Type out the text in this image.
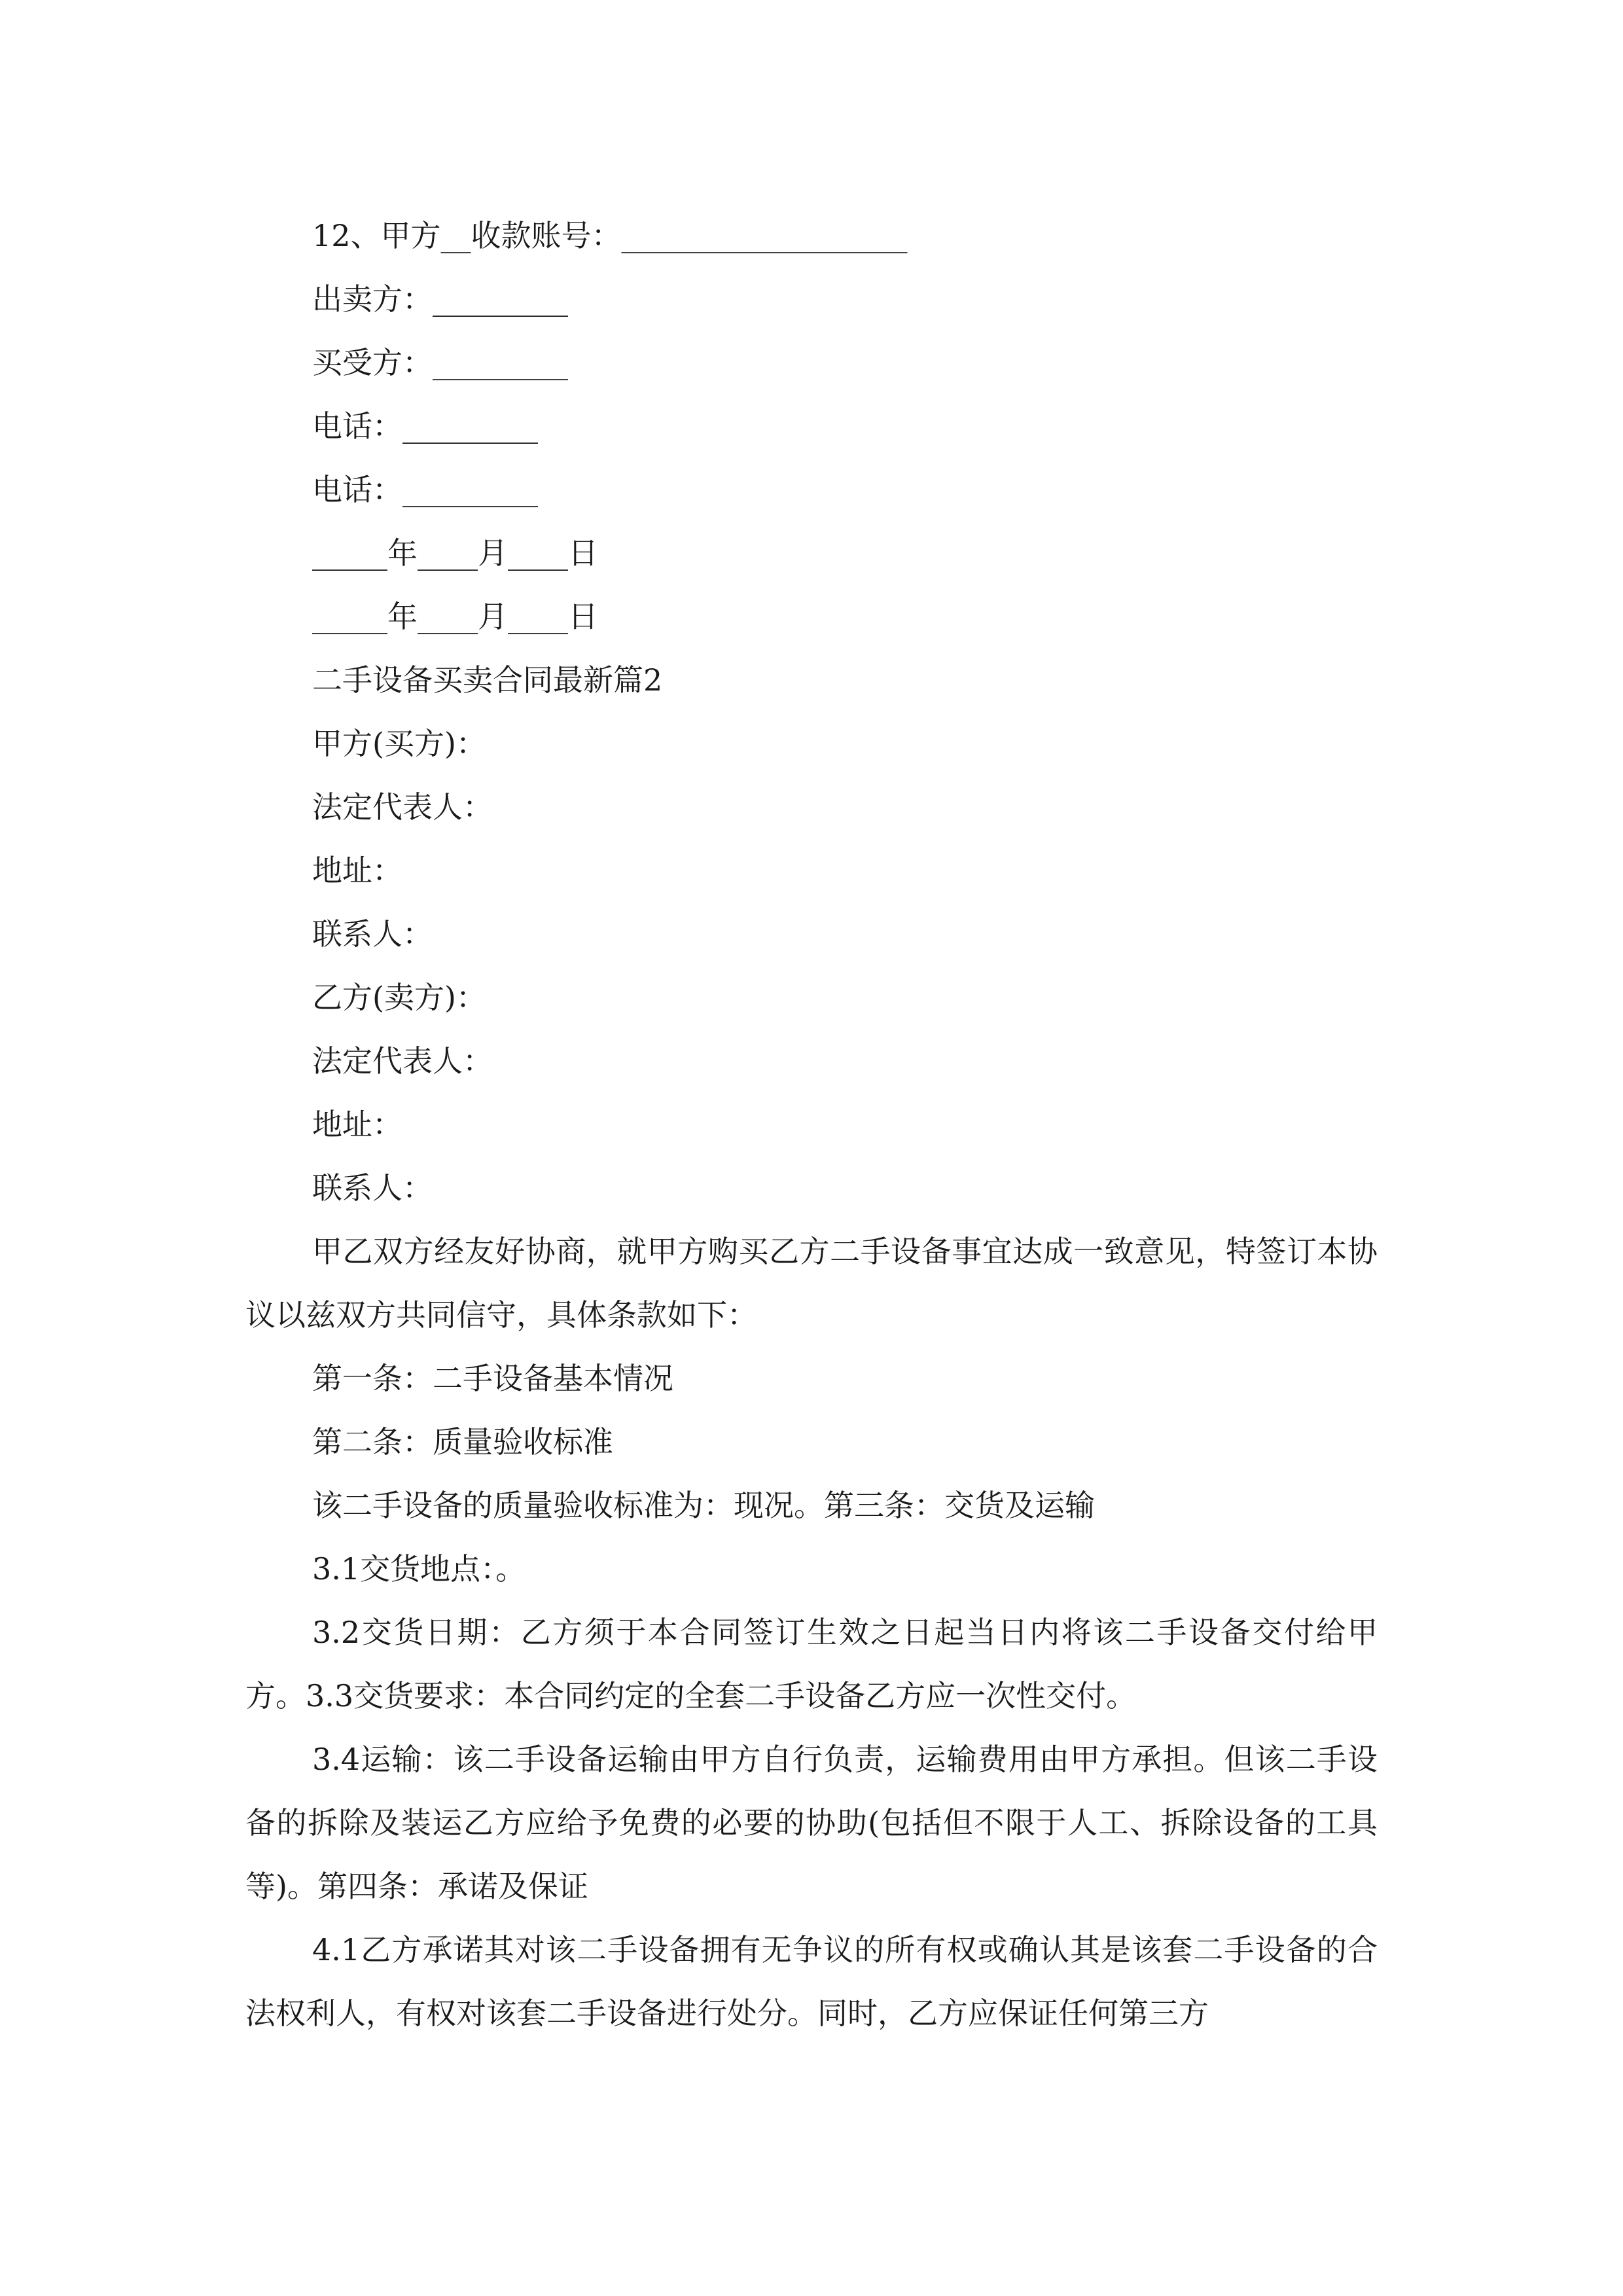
12、甲方__收款账号：___________________

出卖方：_________

买受方：_________

电话：_________

电话：_________

_____年____月____日

_____年____月____日

二手设备买卖合同最新篇2

甲方(买方)：

法定代表人：

地址：

联系人：

乙方(卖方)：

法定代表人：

地址：

联系人：

甲乙双方经友好协商，就甲方购买乙方二手设备事宜达成一致意见，特签订本协议以兹双方共同信守，具体条款如下：

第一条：二手设备基本情况

第二条：质量验收标准

该二手设备的质量验收标准为：现况。第三条：交货及运输

3.1交货地点：。

3.2交货日期：乙方须于本合同签订生效之日起当日内将该二手设备交付给甲方。3.3交货要求：本合同约定的全套二手设备乙方应一次性交付。

3.4运输：该二手设备运输由甲方自行负责，运输费用由甲方承担。但该二手设备的拆除及装运乙方应给予免费的必要的协助(包括但不限于人工、拆除设备的工具等)。第四条：承诺及保证

4.1乙方承诺其对该二手设备拥有无争议的所有权或确认其是该套二手设备的合法权利人，有权对该套二手设备进行处分。同时，乙方应保证任何第三方
